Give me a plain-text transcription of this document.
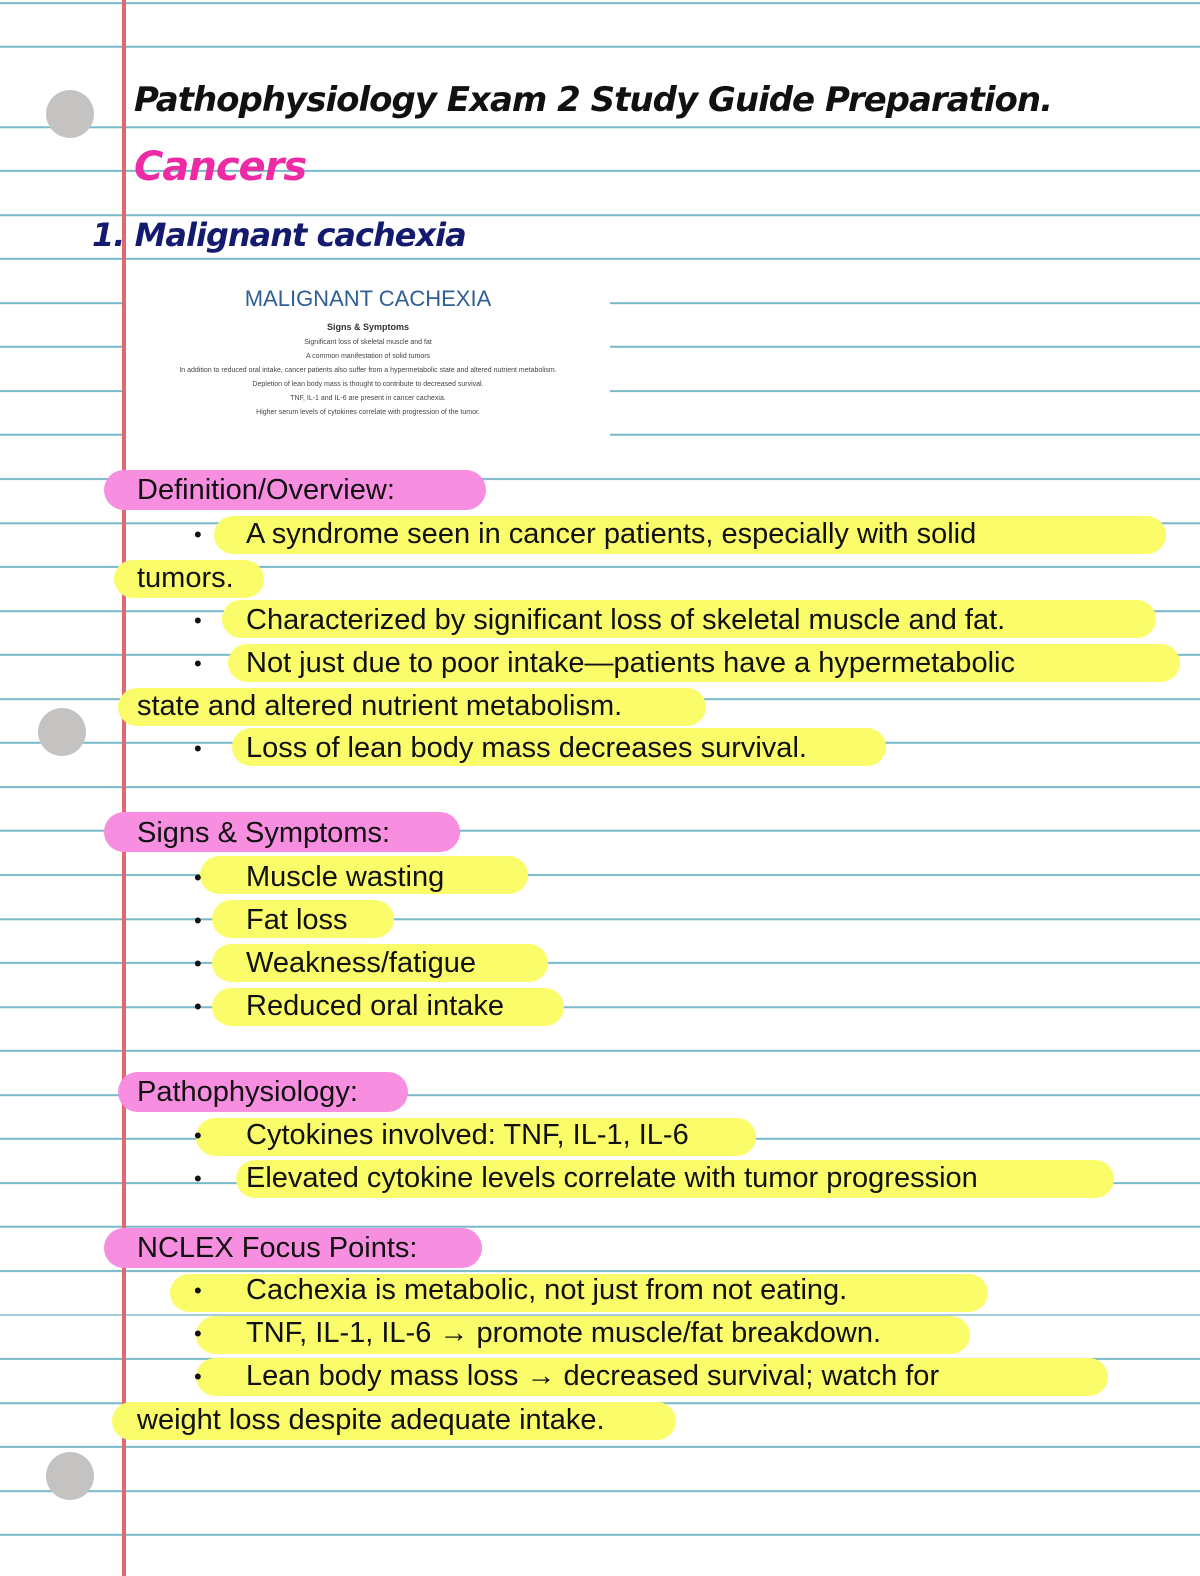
Pathophysiology Exam 2 Study Guide Preparation.
Cancers
1. Malignant cachexia
MALIGNANT CACHEXIA
Signs & Symptoms
Significant loss of skeletal muscle and fat
A common manifestation of solid tumors
In addition to reduced oral intake, cancer patients also suffer from a hypermetabolic state and altered nutrient metabolism.
Depletion of lean body mass is thought to contribute to decreased survival.
TNF, IL-1 and IL-6 are present in cancer cachexia.
Higher serum levels of cytokines correlate with progression of the tumor.
Definition/Overview:
• A syndrome seen in cancer patients, especially with solid
tumors.
• Characterized by significant loss of skeletal muscle and fat.
• Not just due to poor intake—patients have a hypermetabolic
state and altered nutrient metabolism.
• Loss of lean body mass decreases survival.
Signs & Symptoms:
• Muscle wasting
• Fat loss
• Weakness/fatigue
• Reduced oral intake
Pathophysiology:
• Cytokines involved: TNF, IL-1, IL-6
• Elevated cytokine levels correlate with tumor progression
NCLEX Focus Points:
• Cachexia is metabolic, not just from not eating.
• TNF, IL-1, IL-6 → promote muscle/fat breakdown.
• Lean body mass loss → decreased survival; watch for
weight loss despite adequate intake.
